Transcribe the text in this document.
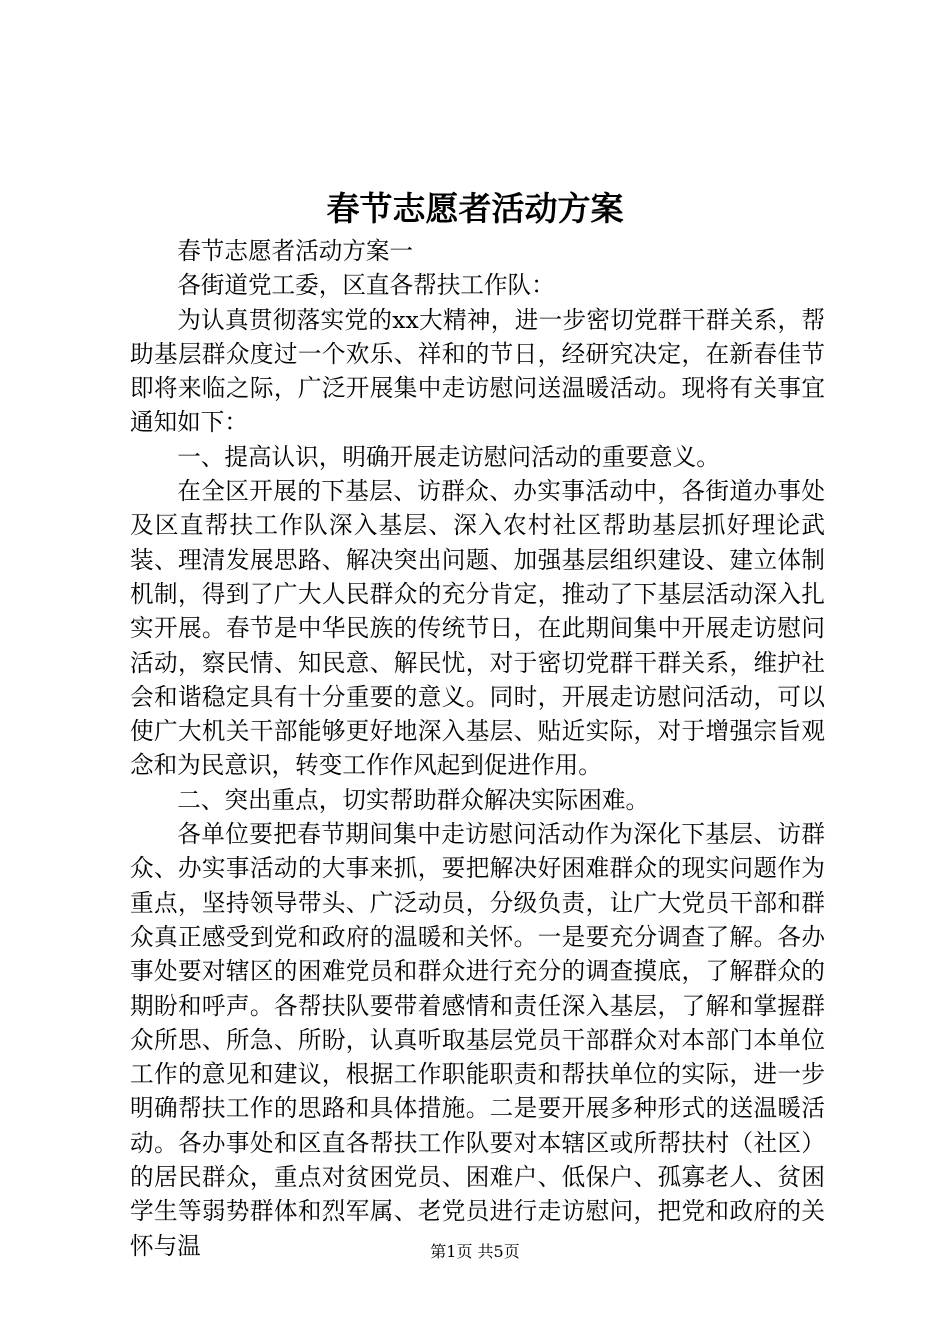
春节志愿者活动方案

春节志愿者活动方案一

各街道党工委，区直各帮扶工作队：

为认真贯彻落实党的xx大精神，进一步密切党群干群关系，帮助基层群众度过一个欢乐、祥和的节日，经研究决定，在新春佳节即将来临之际，广泛开展集中走访慰问送温暖活动。现将有关事宜通知如下：

一、提高认识，明确开展走访慰问活动的重要意义。

在全区开展的下基层、访群众、办实事活动中，各街道办事处及区直帮扶工作队深入基层、深入农村社区帮助基层抓好理论武装、理清发展思路、解决突出问题、加强基层组织建设、建立体制机制，得到了广大人民群众的充分肯定，推动了下基层活动深入扎实开展。春节是中华民族的传统节日，在此期间集中开展走访慰问活动，察民情、知民意、解民忧，对于密切党群干群关系，维护社会和谐稳定具有十分重要的意义。同时，开展走访慰问活动，可以使广大机关干部能够更好地深入基层、贴近实际，对于增强宗旨观念和为民意识，转变工作作风起到促进作用。

二、突出重点，切实帮助群众解决实际困难。

各单位要把春节期间集中走访慰问活动作为深化下基层、访群众、办实事活动的大事来抓，要把解决好困难群众的现实问题作为重点，坚持领导带头、广泛动员，分级负责，让广大党员干部和群众真正感受到党和政府的温暖和关怀。一是要充分调查了解。各办事处要对辖区的困难党员和群众进行充分的调查摸底，了解群众的期盼和呼声。各帮扶队要带着感情和责任深入基层，了解和掌握群众所思、所急、所盼，认真听取基层党员干部群众对本部门本单位工作的意见和建议，根据工作职能职责和帮扶单位的实际，进一步明确帮扶工作的思路和具体措施。二是要开展多种形式的送温暖活动。各办事处和区直各帮扶工作队要对本辖区或所帮扶村（社区）的居民群众，重点对贫困党员、困难户、低保户、孤寡老人、贫困学生等弱势群体和烈军属、老党员进行走访慰问，把党和政府的关怀与温	第1页 共5页
